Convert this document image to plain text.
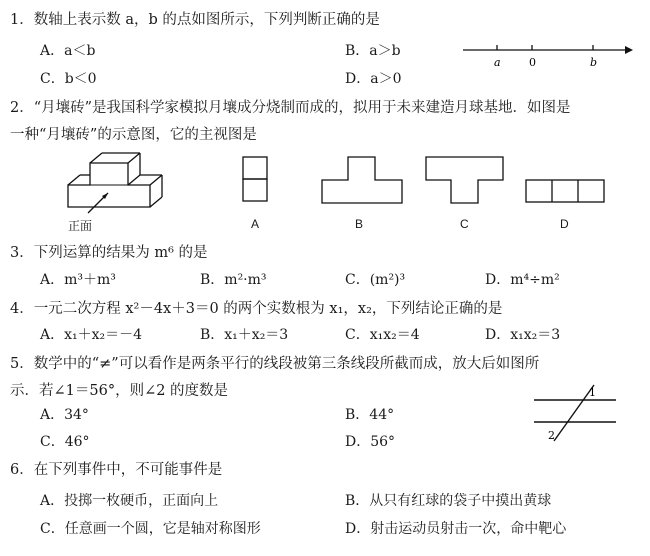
1．数轴上表示数 a，b 的点如图所示，下列判断正确的是
A．a＜b	B．a＞b
C．b＜0	D．a＞0
a	0	b
2．“月壤砖”是我国科学家模拟月壤成分烧制而成的，拟用于未来建造月球基地．如图是
一种“月壤砖”的示意图，它的主视图是
正面	A	B	C	D
3．下列运算的结果为 m⁶ 的是
A．m³＋m³	B．m²·m³	C．(m²)³	D．m⁴÷m²
4．一元二次方程 x²－4x＋3＝0 的两个实数根为 x₁，x₂，下列结论正确的是
A．x₁＋x₂＝－4	B．x₁＋x₂＝3	C．x₁x₂＝4	D．x₁x₂＝3
5．数学中的“≠”可以看作是两条平行的线段被第三条线段所截而成，放大后如图所
示．若∠1＝56°，则∠2 的度数是
A．34°	B．44°
C．46°	D．56°
1
2
6．在下列事件中，不可能事件是
A．投掷一枚硬币，正面向上	B．从只有红球的袋子中摸出黄球
C．任意画一个圆，它是轴对称图形	D．射击运动员射击一次，命中靶心
